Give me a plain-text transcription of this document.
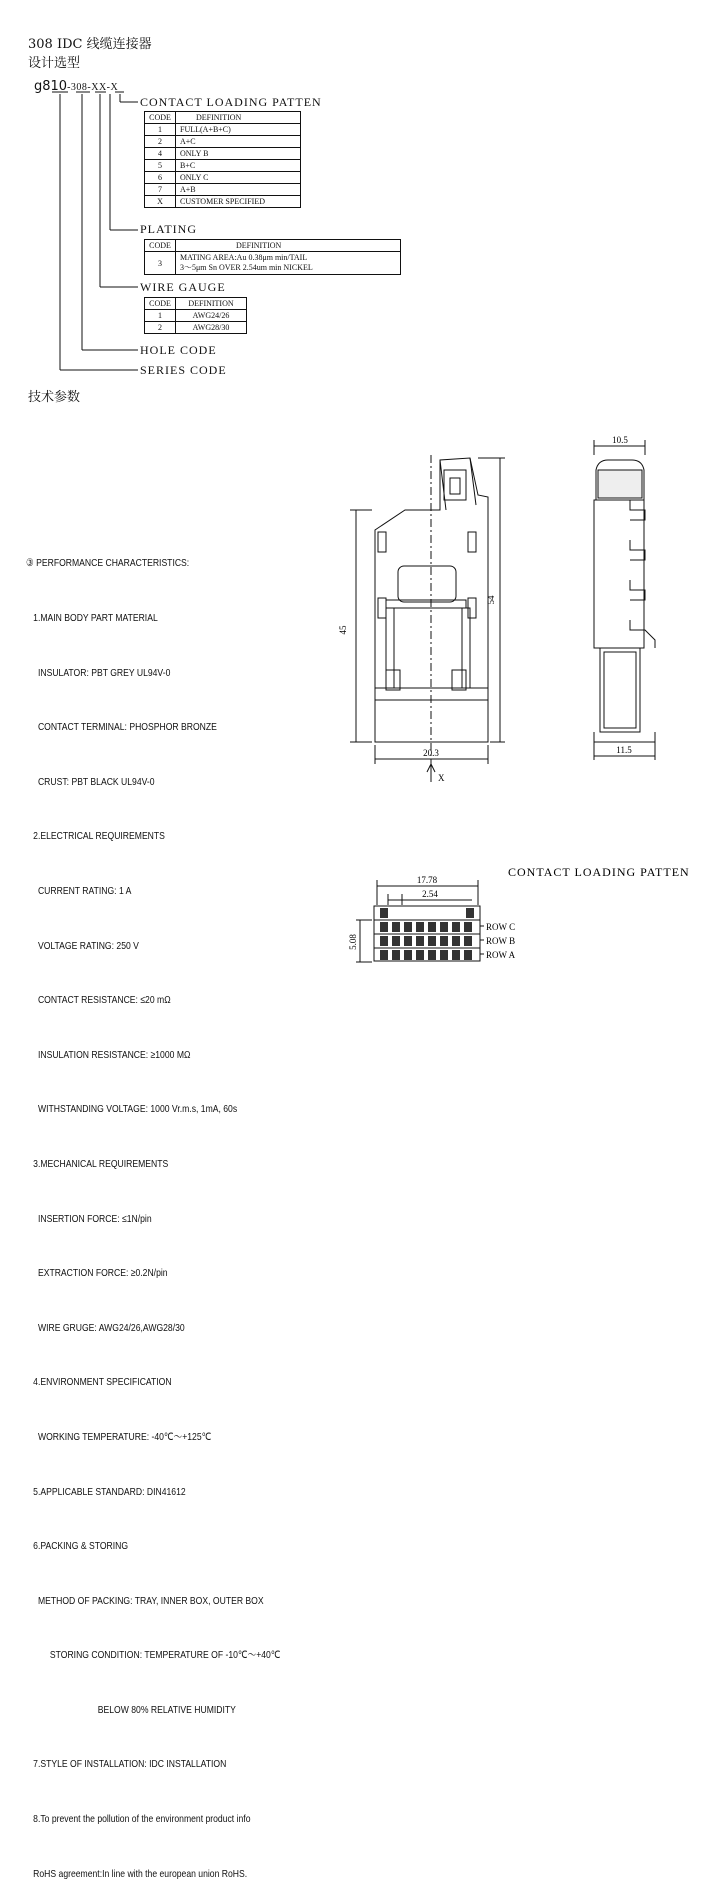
308 IDC 线缆连接器
设计选型
g810-308-XX-X
CONTACT LOADING PATTEN
CODE	DEFINITION
1	FULL(A+B+C)
2	A+C
4	ONLY B
5	B+C
6	ONLY C
7	A+B
X	CUSTOMER SPECIFIED
PLATING
CODE	DEFINITION
3	MATING AREA:Au 0.38μm min/TAIL
3～5μm Sn OVER 2.54um min NICKEL
WIRE GAUGE
CODE	DEFINITION
1	AWG24/26
2	AWG28/30
HOLE CODE
SERIES CODE
技术参数

③ PERFORMANCE CHARACTERISTICS:

1.MAIN BODY PART MATERIAL

INSULATOR: PBT GREY UL94V-0

CONTACT TERMINAL: PHOSPHOR BRONZE

CRUST: PBT BLACK UL94V-0

2.ELECTRICAL REQUIREMENTS

CURRENT RATING: 1 A

VOLTAGE RATING: 250 V

CONTACT RESISTANCE: ≤20 mΩ

INSULATION RESISTANCE: ≥1000 MΩ

WITHSTANDING VOLTAGE: 1000 Vr.m.s, 1mA, 60s

3.MECHANICAL REQUIREMENTS

INSERTION FORCE: ≤1N/pin

EXTRACTION FORCE: ≥0.2N/pin

WIRE GRUGE: AWG24/26,AWG28/30

4.ENVIRONMENT SPECIFICATION

WORKING TEMPERATURE: -40℃～+125℃

5.APPLICABLE STANDARD: DIN41612

6.PACKING & STORING

METHOD OF PACKING: TRAY, INNER BOX, OUTER BOX

STORING CONDITION: TEMPERATURE OF -10℃～+40℃

BELOW 80% RELATIVE HUMIDITY

7.STYLE OF INSTALLATION: IDC INSTALLATION

8.To prevent the pollution of the environment product info

RoHS agreement:In line with the european union RoHS.

45
54
20.3
X
10.5
11.5
CONTACT LOADING PATTEN
17.78
2.54
5.08
ROW C
ROW B
ROW A
